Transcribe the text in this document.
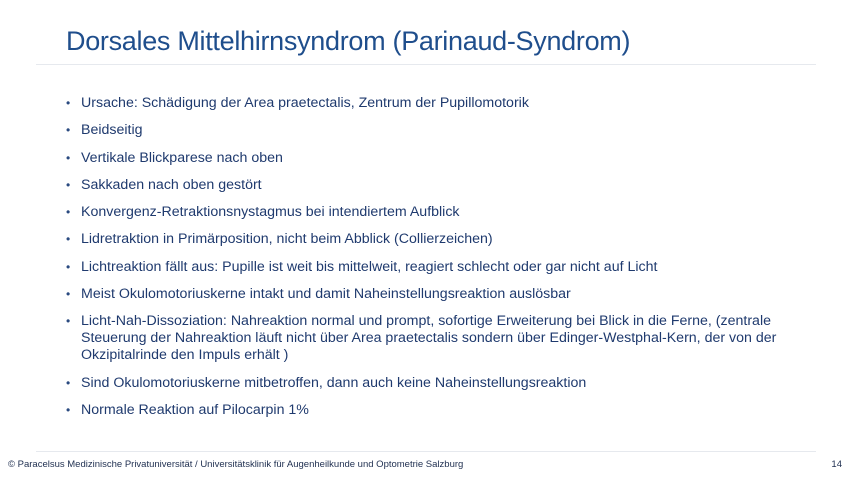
Dorsales Mittelhirnsyndrom (Parinaud-Syndrom)
• Ursache: Schädigung der Area praetectalis, Zentrum der Pupillomotorik
• Beidseitig
• Vertikale Blickparese nach oben
• Sakkaden nach oben gestört
• Konvergenz-Retraktionsnystagmus bei intendiertem Aufblick
• Lidretraktion in Primärposition, nicht beim Abblick (Collierzeichen)
• Lichtreaktion fällt aus: Pupille ist weit bis mittelweit, reagiert schlecht oder gar nicht auf Licht
• Meist Okulomotoriuskerne intakt und damit Naheinstellungsreaktion auslösbar
• Licht-Nah-Dissoziation: Nahreaktion normal und prompt, sofortige Erweiterung bei Blick in die Ferne, (zentrale Steuerung der Nahreaktion läuft nicht über Area praetectalis sondern über Edinger-Westphal-Kern, der von der Okzipitalrinde den Impuls erhält )
• Sind Okulomotoriuskerne mitbetroffen, dann auch keine Naheinstellungsreaktion
• Normale Reaktion auf Pilocarpin 1%
© Paracelsus Medizinische Privatuniversität / Universitätsklinik für Augenheilkunde und Optometrie Salzburg	14
